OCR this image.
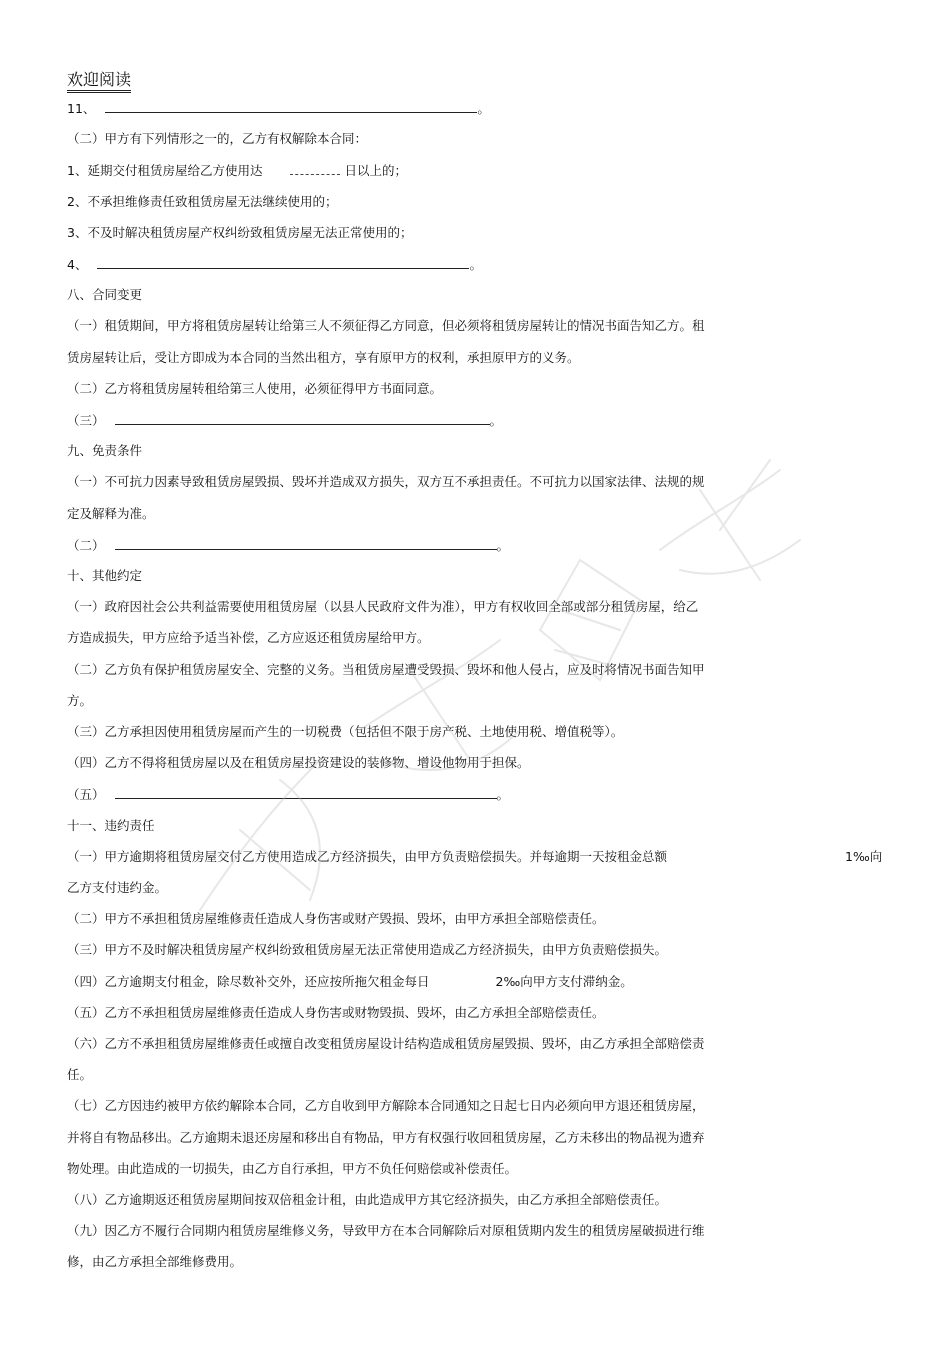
欢迎阅读
11、	。
（二）甲方有下列情形之一的，乙方有权解除本合同：
1、延期交付租赁房屋给乙方使用达	日以上的；
2、不承担维修责任致租赁房屋无法继续使用的；
3、不及时解决租赁房屋产权纠纷致租赁房屋无法正常使用的；
4、	。
八、合同变更
（一）租赁期间，甲方将租赁房屋转让给第三人不须征得乙方同意，但必须将租赁房屋转让的情况书面告知乙方。租
赁房屋转让后，受让方即成为本合同的当然出租方，享有原甲方的权利，承担原甲方的义务。
（二）乙方将租赁房屋转租给第三人使用，必须征得甲方书面同意。
（三）	。
九、免责条件
（一）不可抗力因素导致租赁房屋毁损、毁坏并造成双方损失，双方互不承担责任。不可抗力以国家法律、法规的规
定及解释为准。
（二）	。
十、其他约定
（一）政府因社会公共利益需要使用租赁房屋（以县人民政府文件为准），甲方有权收回全部或部分租赁房屋，给乙
方造成损失，甲方应给予适当补偿，乙方应返还租赁房屋给甲方。
（二）乙方负有保护租赁房屋安全、完整的义务。当租赁房屋遭受毁损、毁坏和他人侵占，应及时将情况书面告知甲
方。
（三）乙方承担因使用租赁房屋而产生的一切税费（包括但不限于房产税、土地使用税、增值税等）。
（四）乙方不得将租赁房屋以及在租赁房屋投资建设的装修物、增设他物用于担保。
（五）	。
十一、违约责任
（一）甲方逾期将租赁房屋交付乙方使用造成乙方经济损失，由甲方负责赔偿损失。并每逾期一天按租金总额	1‰向
乙方支付违约金。
（二）甲方不承担租赁房屋维修责任造成人身伤害或财产毁损、毁坏，由甲方承担全部赔偿责任。
（三）甲方不及时解决租赁房屋产权纠纷致租赁房屋无法正常使用造成乙方经济损失，由甲方负责赔偿损失。
（四）乙方逾期支付租金，除尽数补交外，还应按所拖欠租金每日	2‰向甲方支付滞纳金。
（五）乙方不承担租赁房屋维修责任造成人身伤害或财物毁损、毁坏，由乙方承担全部赔偿责任。
（六）乙方不承担租赁房屋维修责任或擅自改变租赁房屋设计结构造成租赁房屋毁损、毁坏，由乙方承担全部赔偿责
任。
（七）乙方因违约被甲方依约解除本合同，乙方自收到甲方解除本合同通知之日起七日内必须向甲方退还租赁房屋，
并将自有物品移出。乙方逾期未退还房屋和移出自有物品，甲方有权强行收回租赁房屋，乙方未移出的物品视为遗弃
物处理。由此造成的一切损失，由乙方自行承担，甲方不负任何赔偿或补偿责任。
（八）乙方逾期返还租赁房屋期间按双倍租金计租，由此造成甲方其它经济损失，由乙方承担全部赔偿责任。
（九）因乙方不履行合同期内租赁房屋维修义务，导致甲方在本合同解除后对原租赁期内发生的租赁房屋破损进行维
修，由乙方承担全部维修费用。
